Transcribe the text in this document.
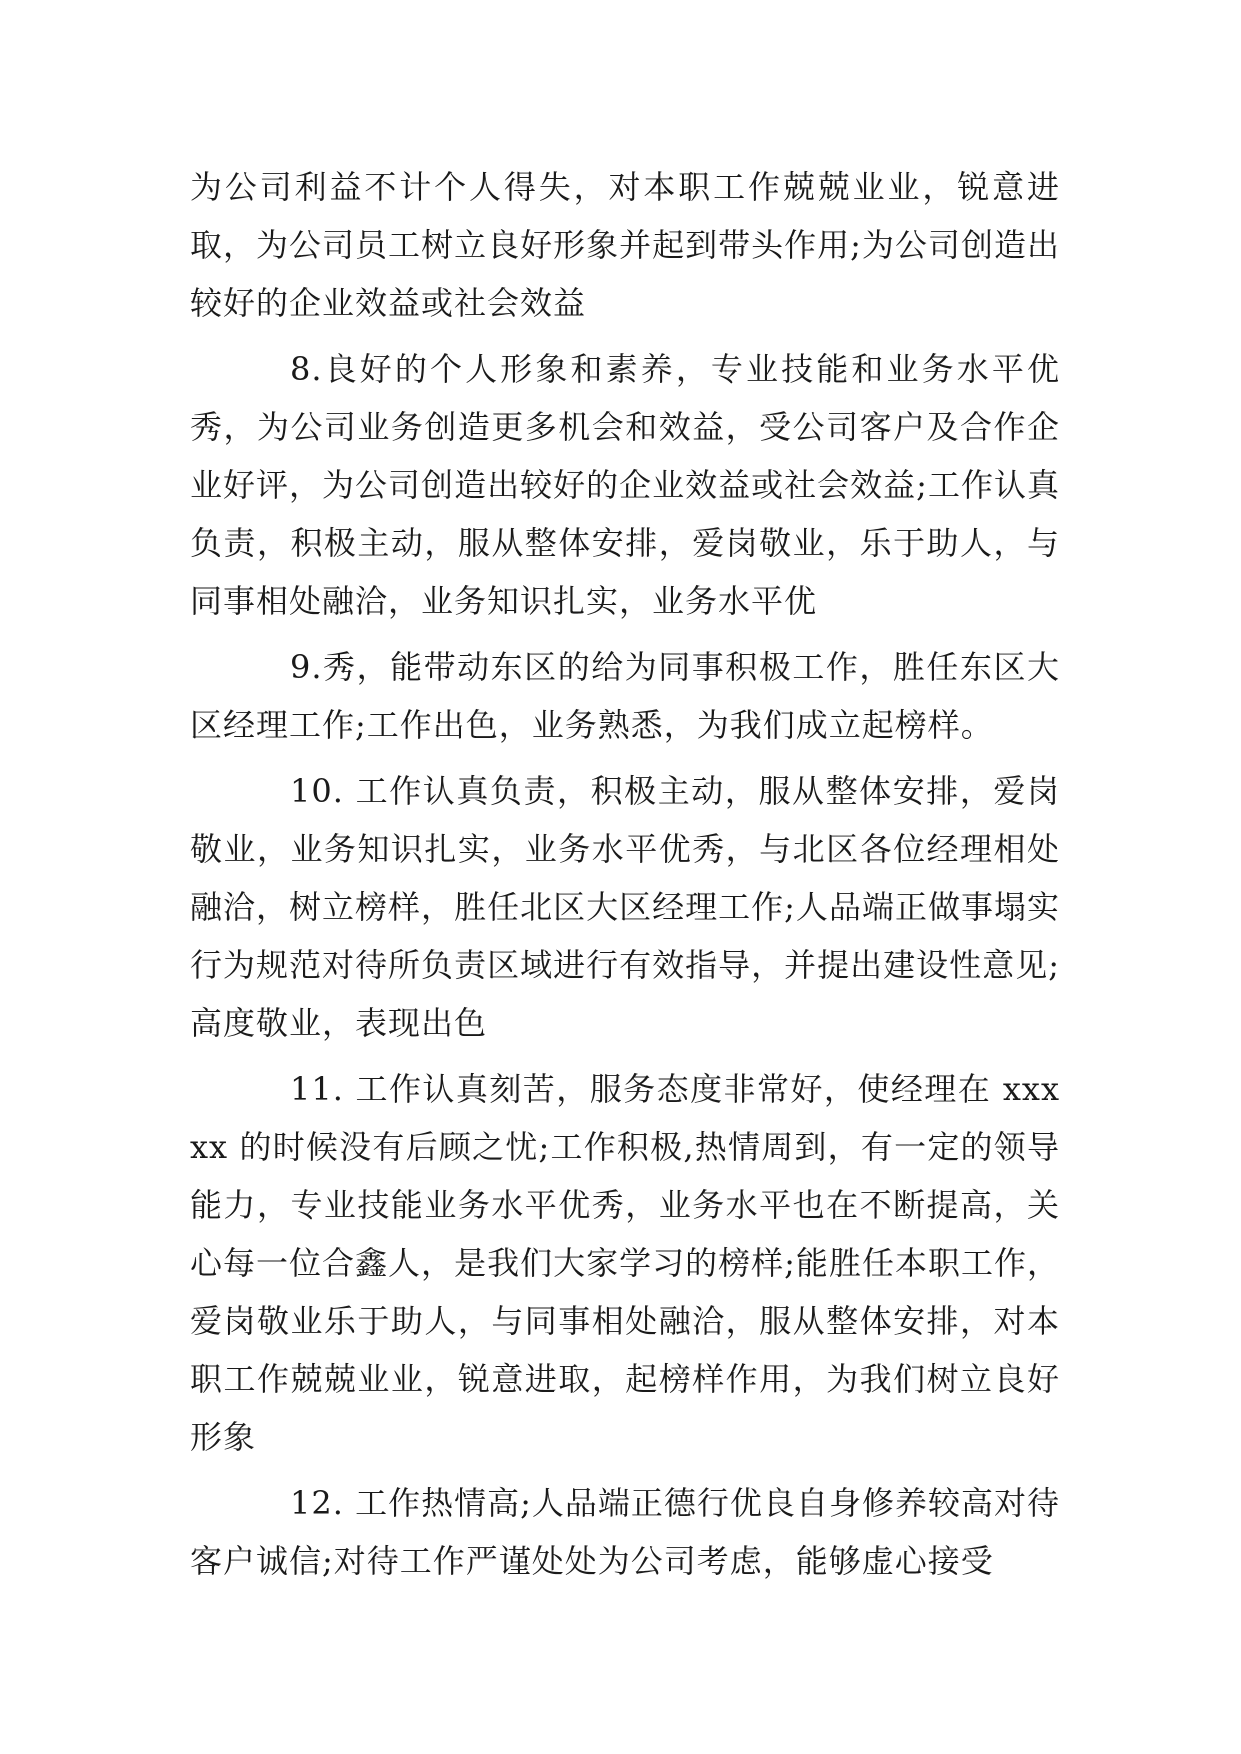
为公司利益不计个人得失，对本职工作兢兢业业，锐意进取，为公司员工树立良好形象并起到带头作用;为公司创造出较好的企业效益或社会效益

8.良好的个人形象和素养，专业技能和业务水平优秀，为公司业务创造更多机会和效益，受公司客户及合作企业好评，为公司创造出较好的企业效益或社会效益;工作认真负责，积极主动，服从整体安排，爱岗敬业，乐于助人，与同事相处融洽，业务知识扎实，业务水平优

9.秀，能带动东区的给为同事积极工作，胜任东区大区经理工作;工作出色，业务熟悉，为我们成立起榜样。

10. 工作认真负责，积极主动，服从整体安排，爱岗敬业，业务知识扎实，业务水平优秀，与北区各位经理相处融洽，树立榜样，胜任北区大区经理工作;人品端正做事塌实行为规范对待所负责区域进行有效指导，并提出建设性意见;高度敬业，表现出色

11. 工作认真刻苦，服务态度非常好，使经理在 xxxxx 的时候没有后顾之忧;工作积极,热情周到，有一定的领导能力，专业技能业务水平优秀，业务水平也在不断提高，关心每一位合鑫人，是我们大家学习的榜样;能胜任本职工作，爱岗敬业乐于助人，与同事相处融洽，服从整体安排，对本职工作兢兢业业，锐意进取，起榜样作用，为我们树立良好形象

12. 工作热情高;人品端正德行优良自身修养较高对待客户诚信;对待工作严谨处处为公司考虑，能够虚心接受
